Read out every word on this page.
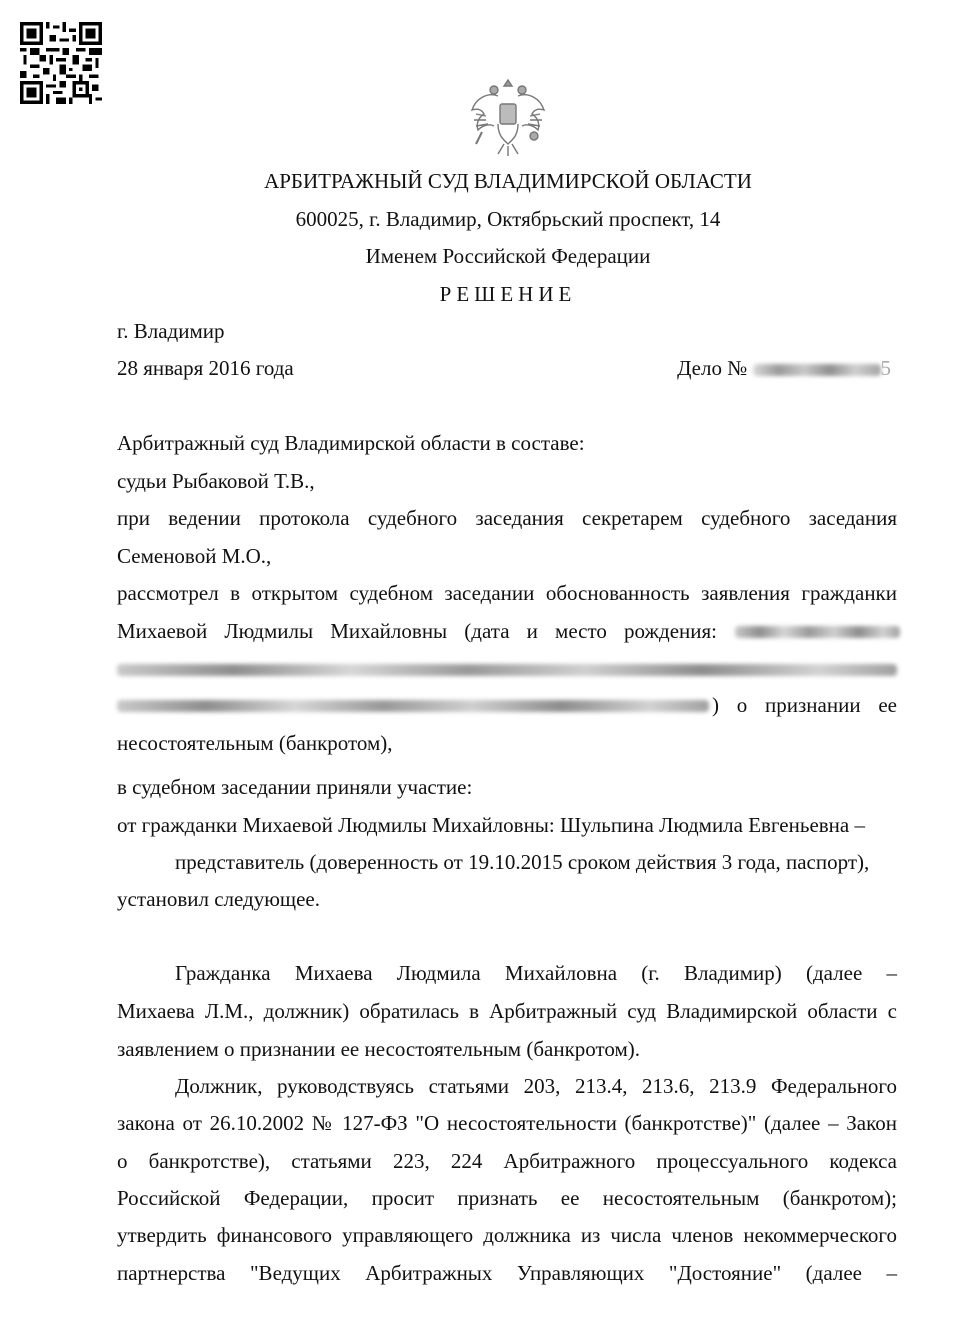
АРБИТРАЖНЫЙ СУД ВЛАДИМИРСКОЙ ОБЛАСТИ
600025, г. Владимир, Октябрьский проспект, 14
Именем Российской Федерации
РЕШЕНИЕ
г. Владимир
28 января 2016 года	Дело №	5
Арбитражный суд Владимирской области в составе:
судьи Рыбаковой Т.В.,
при ведении протокола судебного заседания секретарем судебного заседания
Семеновой М.О.,
рассмотрел в открытом судебном заседании обоснованность заявления гражданки
Михаевой Людмилы Михайловны (дата и место рождения:
) о признании ее
несостоятельным (банкротом),
в судебном заседании приняли участие:
от гражданки Михаевой Людмилы Михайловны: Шульпина Людмила Евгеньевна –
представитель (доверенность от 19.10.2015 сроком действия 3 года, паспорт),
установил следующее.
Гражданка Михаева Людмила Михайловна (г. Владимир) (далее –
Михаева Л.М., должник) обратилась в Арбитражный суд Владимирской области с
заявлением о признании ее несостоятельным (банкротом).
Должник, руководствуясь статьями 203, 213.4, 213.6, 213.9 Федерального
закона от 26.10.2002 № 127-ФЗ "О несостоятельности (банкротстве)" (далее – Закон
о банкротстве), статьями 223, 224 Арбитражного процессуального кодекса
Российской Федерации, просит признать ее несостоятельным (банкротом);
утвердить финансового управляющего должника из числа членов некоммерческого
партнерства "Ведущих Арбитражных Управляющих "Достояние" (далее –
